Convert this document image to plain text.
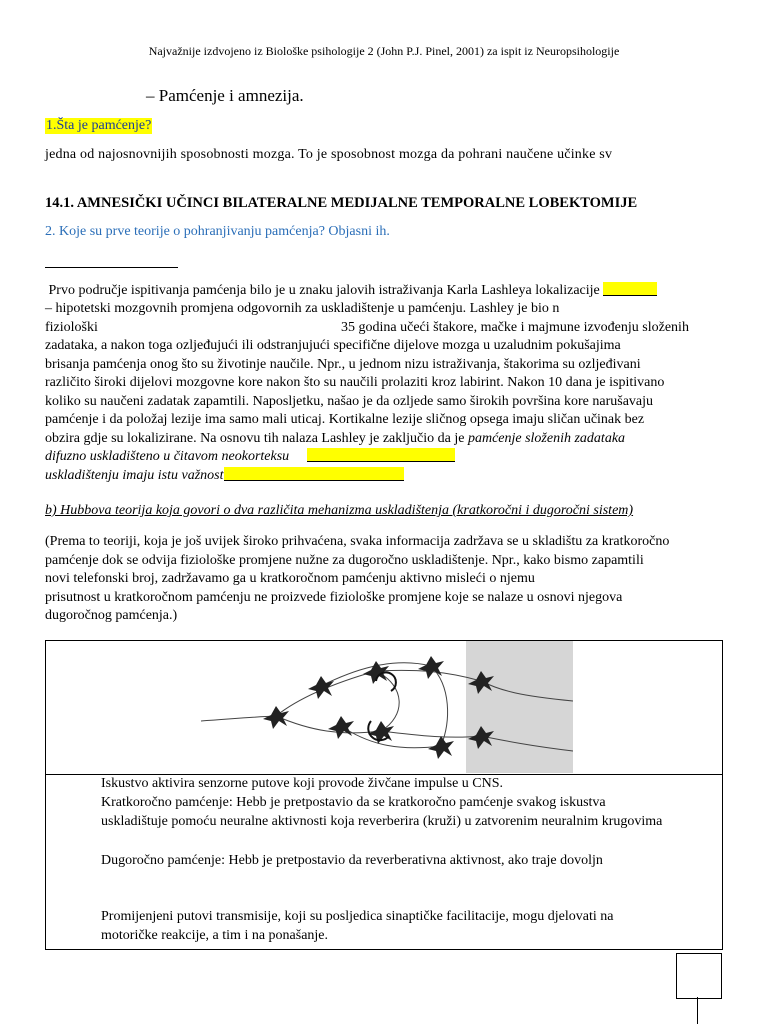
Najvažnije izdvojeno iz Biološke psihologije 2 (John P.J. Pinel, 2001) za ispit iz Neuropsihologije
– Pamćenje i amnezija.
1.Šta je pamćenje?
jedna od najosnovnijih sposobnosti mozga. To je sposobnost mozga da pohrani naučene učinke sv
14.1. AMNESIČKI UČINCI BILATERALNE MEDIJALNE TEMPORALNE LOBEKTOMIJE
2. Koje su prve teorije o pohranjivanju pamćenja? Objasni ih.
Prvo područje ispitivanja pamćenja bilo je u znaku jalovih istraživanja Karla Lashleya lokalizacije
– hipotetski mozgovnih promjena odgovornih za uskladištenje u pamćenju. Lashley je bio n
fiziološki	35 godina učeći štakore, mačke i majmune izvođenju složenih
zadataka, a nakon toga ozljeđujući ili odstranjujući specifične dijelove mozga u uzaludnim pokušajima
brisanja pamćenja onog što su životinje naučile. Npr., u jednom nizu istraživanja, štakorima su ozljeđivani
različito široki dijelovi mozgovne kore nakon što su naučili prolaziti kroz labirint. Nakon 10 dana je ispitivano
koliko su naučeni zadatak zapamtili. Naposljetku, našao je da ozljede samo širokih površina kore narušavaju
pamćenje i da položaj lezije ima samo mali uticaj. Kortikalne lezije sličnog opsega imaju sličan učinak bez
obzira gdje su lokalizirane. Na osnovu tih nalaza Lashley je zaključio da je pamćenje složenih zadataka
difuzno uskladišteno u čitavom neokorteksu
uskladištenju imaju istu važnost
b) Hubbova teorija koja govori o dva različita mehanizma uskladištenja (kratkoročni i dugoročni sistem)
(Prema to teoriji, koja je još uvijek široko prihvaćena, svaka informacija zadržava se u skladištu za kratkoročno
pamćenje dok se odvija fiziološke promjene nužne za dugoročno uskladištenje. Npr., kako bismo zapamtili
novi telefonski broj, zadržavamo ga u kratkoročnom pamćenju aktivno misleći o njemu
prisutnost u kratkoročnom pamćenju ne proizvede fiziološke promjene koje se nalaze u osnovi njegova
dugoročnog pamćenja.)
Iskustvo aktivira senzorne putove koji provode živčane impulse u CNS.
Kratkoročno pamćenje: Hebb je pretpostavio da se kratkoročno pamćenje svakog iskustva
uskladištuje pomoću neuralne aktivnosti koja reverberira (kruži) u zatvorenim neuralnim krugovima
Dugoročno pamćenje: Hebb je pretpostavio da reverberativna aktivnost, ako traje dovoljn
Promijenjeni putovi transmisije, koji su posljedica sinaptičke facilitacije, mogu djelovati na
motoričke reakcije, a tim i na ponašanje.
